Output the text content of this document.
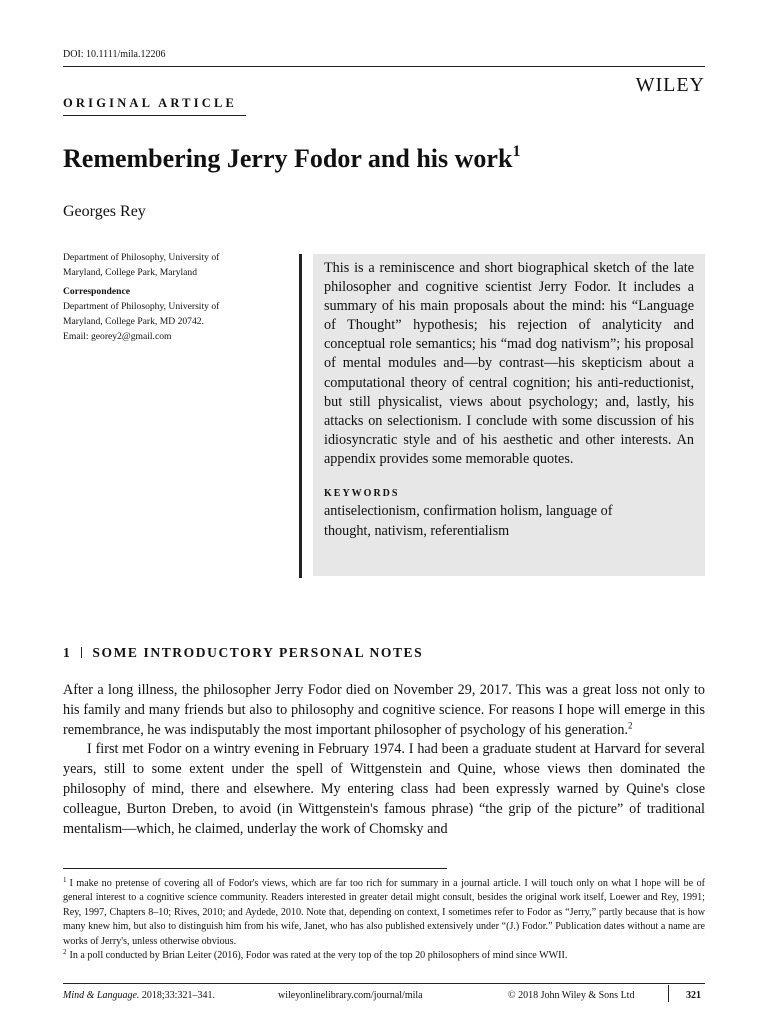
DOI: 10.1111/mila.12206
WILEY
ORIGINAL ARTICLE
Remembering Jerry Fodor and his work$^1$
Georges Rey
Department of Philosophy, University of
Maryland, College Park, Maryland
Correspondence
Department of Philosophy, University of
Maryland, College Park, MD 20742.
Email: georey2@gmail.com
This is a reminiscence and short biographical sketch of the late philosopher and cognitive scientist Jerry Fodor. It includes a summary of his main proposals about the mind: his “Language of Thought” hypothesis; his rejection of analyticity and conceptual role semantics; his “mad dog nativism”; his proposal of mental modules and—by contrast—his skepticism about a computational theory of central cognition; his anti-reductionist, but still physicalist, views about psychology; and, lastly, his attacks on selectionism. I conclude with some discussion of his idiosyncratic style and of his aesthetic and other interests. An appendix provides some memorable quotes.
KEYWORDS
antiselectionism, confirmation holism, language of
thought, nativism, referentialism
1 SOME INTRODUCTORY PERSONAL NOTES

After a long illness, the philosopher Jerry Fodor died on November 29, 2017. This was a great loss not only to his family and many friends but also to philosophy and cognitive science. For reasons I hope will emerge in this remembrance, he was indisputably the most important philosopher of psychology of his generation.$^2$

I first met Fodor on a wintry evening in February 1974. I had been a graduate student at Harvard for several years, still to some extent under the spell of Wittgenstein and Quine, whose views then dominated the philosophy of mind, there and elsewhere. My entering class had been expressly warned by Quine's close colleague, Burton Dreben, to avoid (in Wittgenstein's famous phrase) “the grip of the picture” of traditional mentalism—which, he claimed, underlay the work of Chomsky and

$^1$ I make no pretense of covering all of Fodor's views, which are far too rich for summary in a journal article. I will touch only on what I hope will be of general interest to a cognitive science community. Readers interested in greater detail might consult, besides the original work itself, Loewer and Rey, 1991; Rey, 1997, Chapters 8–10; Rives, 2010; and Aydede, 2010. Note that, depending on context, I sometimes refer to Fodor as “Jerry,” partly because that is how many knew him, but also to distinguish him from his wife, Janet, who has also published extensively under “(J.) Fodor.” Publication dates without a name are works of Jerry's, unless otherwise obvious.

$^2$ In a poll conducted by Brian Leiter (2016), Fodor was rated at the very top of the top 20 philosophers of mind since WWII.

Mind & Language. 2018;33:321–341.	wileyonlinelibrary.com/journal/mila	© 2018 John Wiley & Sons Ltd	321
